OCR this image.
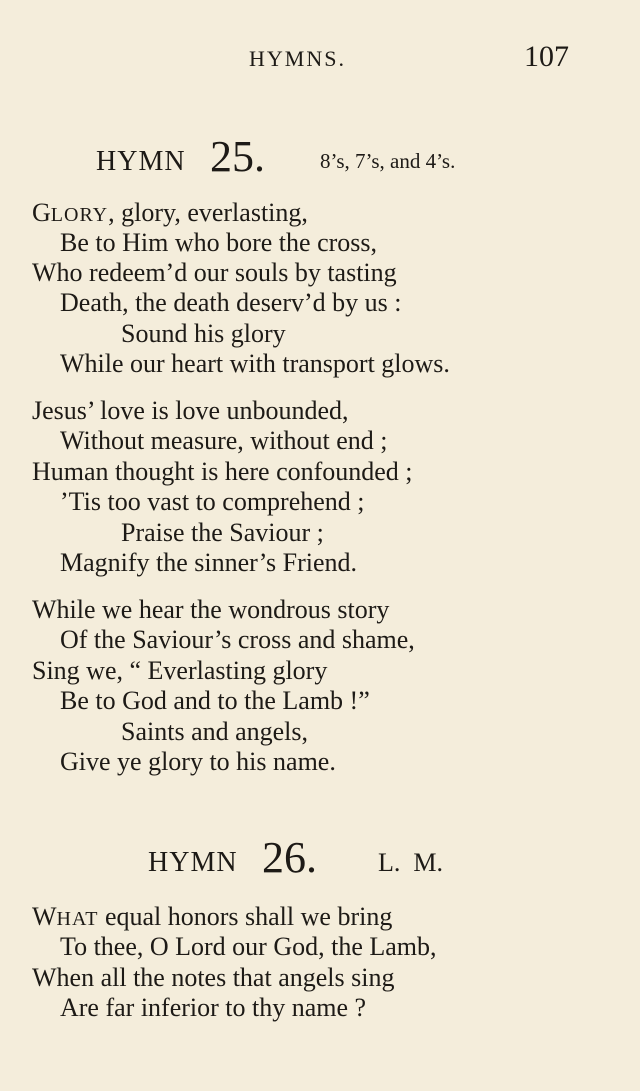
HYMNS.	107
HYMN 25.	8’s, 7’s, and 4’s.
GLORY, glory, everlasting,
Be to Him who bore the cross,
Who redeem’d our souls by tasting
Death, the death deserv’d by us :
Sound his glory
While our heart with transport glows.
Jesus’ love is love unbounded,
Without measure, without end ;
Human thought is here confounded ;
’Tis too vast to comprehend ;
Praise the Saviour ;
Magnify the sinner’s Friend.
While we hear the wondrous story
Of the Saviour’s cross and shame,
Sing we, “ Everlasting glory
Be to God and to the Lamb !”
Saints and angels,
Give ye glory to his name.
HYMN 26. L.  M.
WHAT equal honors shall we bring
To thee, O Lord our God, the Lamb,
When all the notes that angels sing
Are far inferior to thy name ?
